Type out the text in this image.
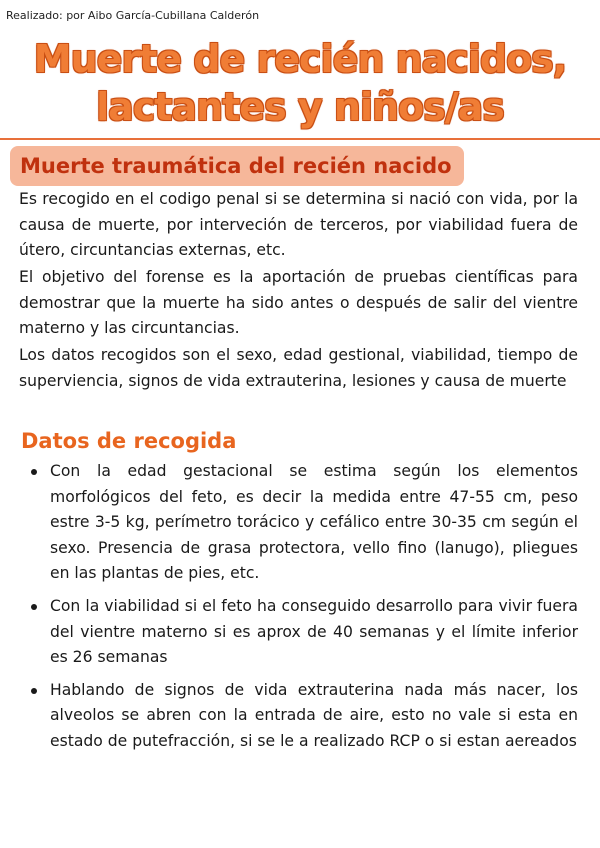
Realizado: por Aibo García-Cubillana Calderón
Muerte de recién nacidos,
lactantes y niños/as
Muerte traumática del recién nacido

Es recogido en el codigo penal si se determina si nació con vida, por la causa de muerte, por interveción de terceros, por viabilidad fuera de útero, circuntancias externas, etc.

El objetivo del forense es la aportación de pruebas científicas para demostrar que la muerte ha sido antes o después de salir del vientre materno y las circuntancias.

Los datos recogidos son el sexo, edad gestional, viabilidad, tiempo de superviencia, signos de vida extrauterina, lesiones y causa de muerte

Datos de recogida
Con la edad gestacional se estima según los elementos morfológicos del feto, es decir la medida entre 47-55 cm, peso estre 3-5 kg, perímetro torácico y cefálico entre 30-35 cm según el sexo. Presencia de grasa protectora, vello fino (lanugo), pliegues en las plantas de pies, etc.
Con la viabilidad si el feto ha conseguido desarrollo para vivir fuera del vientre materno si es aprox de 40 semanas y el límite inferior es 26 semanas
Hablando de signos de vida extrauterina nada más nacer, los alveolos se abren con la entrada de aire, esto no vale si esta en estado de putefracción, si se le a realizado RCP o si estan aereados
